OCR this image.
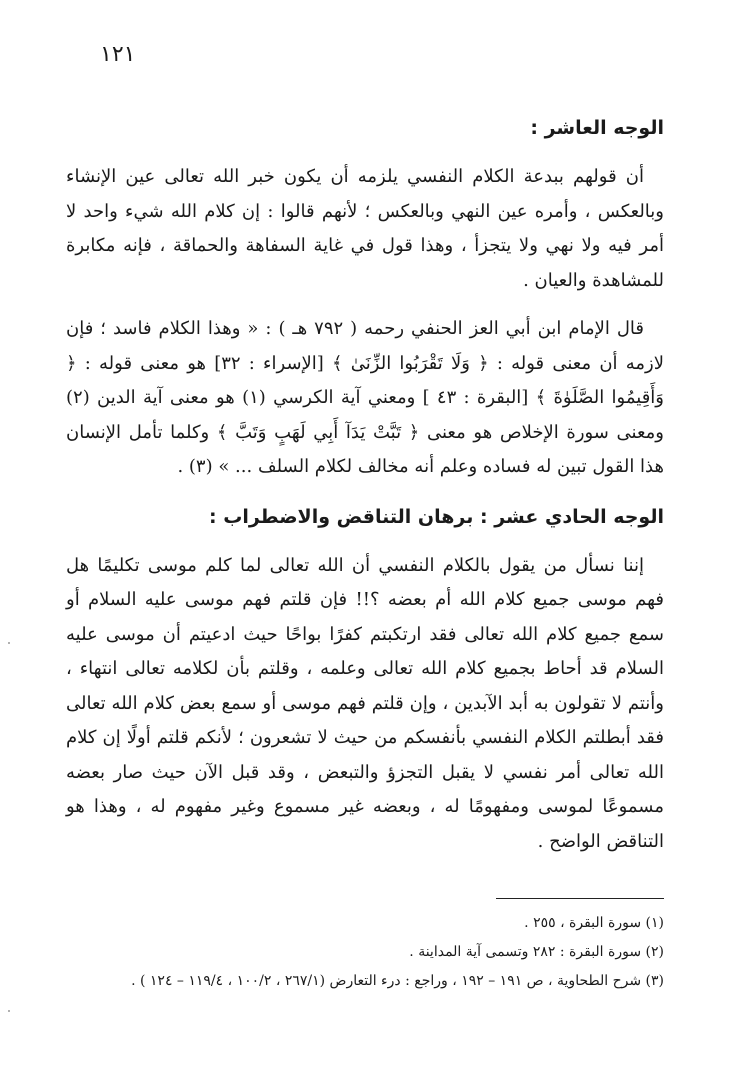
١٢١
الوجه العاشر :

أن قولهم ببدعة الكلام النفسي يلزمه أن يكون خبر الله تعالى عين الإنشاء وبالعكس ، وأمره عين النهي وبالعكس ؛ لأنهم قالوا : إن كلام الله شيء واحد لا أمر فيه ولا نهي ولا يتجزأ ، وهذا قول في غاية السفاهة والحماقة ، فإنه مكابرة للمشاهدة والعيان .

قال الإمام ابن أبي العز الحنفي رحمه ( ٧٩٢ هـ ) : « وهذا الكلام فاسد ؛ فإن لازمه أن معنى قوله : ﴿ وَلَا تَقْرَبُوا الزِّنَىٰ ﴾ [الإسراء : ٣٢] هو معنى قوله : ﴿ وَأَقِيمُوا الصَّلَوٰةَ ﴾ [البقرة : ٤٣ ] ومعني آية الكرسي (١) هو معنى آية الدين (٢) ومعنى سورة الإخلاص هو معنى ﴿ تَبَّتْ يَدَآ أَبِي لَهَبٍ وَتَبَّ ﴾ وكلما تأمل الإنسان هذا القول تبين له فساده وعلم أنه مخالف لكلام السلف ... » (٣) .

الوجه الحادي عشر : برهان التناقض والاضطراب :

إننا نسأل من يقول بالكلام النفسي أن الله تعالى لما كلم موسى تكليمًا هل فهم موسى جميع كلام الله أم بعضه ؟!! فإن قلتم فهم موسى عليه السلام أو سمع جميع كلام الله تعالى فقد ارتكبتم كفرًا بواحًا حيث ادعيتم أن موسى عليه السلام قد أحاط بجميع كلام الله تعالى وعلمه ، وقلتم بأن لكلامه تعالى انتهاء ، وأنتم لا تقولون به أبد الآبدين ، وإن قلتم فهم موسى أو سمع بعض كلام الله تعالى فقد أبطلتم الكلام النفسي بأنفسكم من حيث لا تشعرون ؛ لأنكم قلتم أولًا إن كلام الله تعالى أمر نفسي لا يقبل التجزؤ والتبعض ، وقد قبل الآن حيث صار بعضه مسموعًا لموسى ومفهومًا له ، وبعضه غير مسموع وغير مفهوم له ، وهذا هو التناقض الواضح .

(١) سورة البقرة ، ٢٥٥ .

(٢) سورة البقرة : ٢٨٢ وتسمى آية المداينة .

(٣) شرح الطحاوية ، ص ١٩١ – ١٩٢ ، وراجع : درء التعارض (٢٦٧/١ ، ١٠٠/٢ ، ١١٩/٤ – ١٢٤ ) .
